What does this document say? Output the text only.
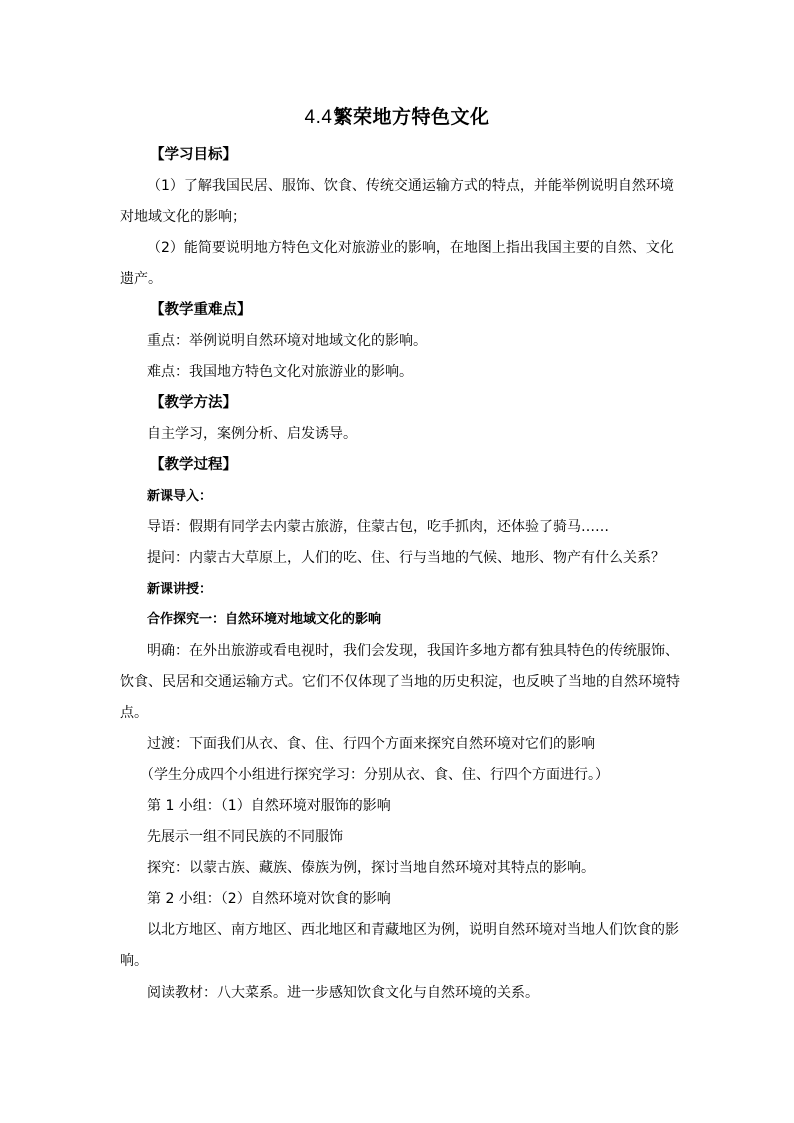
4.4繁荣地方特色文化
【学习目标】
（1）了解我国民居、服饰、饮食、传统交通运输方式的特点，并能举例说明自然环境
对地域文化的影响；
（2）能简要说明地方特色文化对旅游业的影响，在地图上指出我国主要的自然、文化
遗产。
【教学重难点】
重点：举例说明自然环境对地域文化的影响。
难点：我国地方特色文化对旅游业的影响。
【教学方法】
自主学习，案例分析、启发诱导。
【教学过程】
新课导入：
导语：假期有同学去内蒙古旅游，住蒙古包，吃手抓肉，还体验了骑马……
提问：内蒙古大草原上，人们的吃、住、行与当地的气候、地形、物产有什么关系？
新课讲授：
合作探究一：自然环境对地域文化的影响
明确：在外出旅游或看电视时，我们会发现，我国许多地方都有独具特色的传统服饰、
饮食、民居和交通运输方式。它们不仅体现了当地的历史积淀，也反映了当地的自然环境特
点。
过渡：下面我们从衣、食、住、行四个方面来探究自然环境对它们的影响
（学生分成四个小组进行探究学习：分别从衣、食、住、行四个方面进行。）
第 1 小组：（1）自然环境对服饰的影响
先展示一组不同民族的不同服饰
探究：以蒙古族、藏族、傣族为例，探讨当地自然环境对其特点的影响。
第 2 小组：（2）自然环境对饮食的影响
以北方地区、南方地区、西北地区和青藏地区为例，说明自然环境对当地人们饮食的影
响。
阅读教材：八大菜系。进一步感知饮食文化与自然环境的关系。
